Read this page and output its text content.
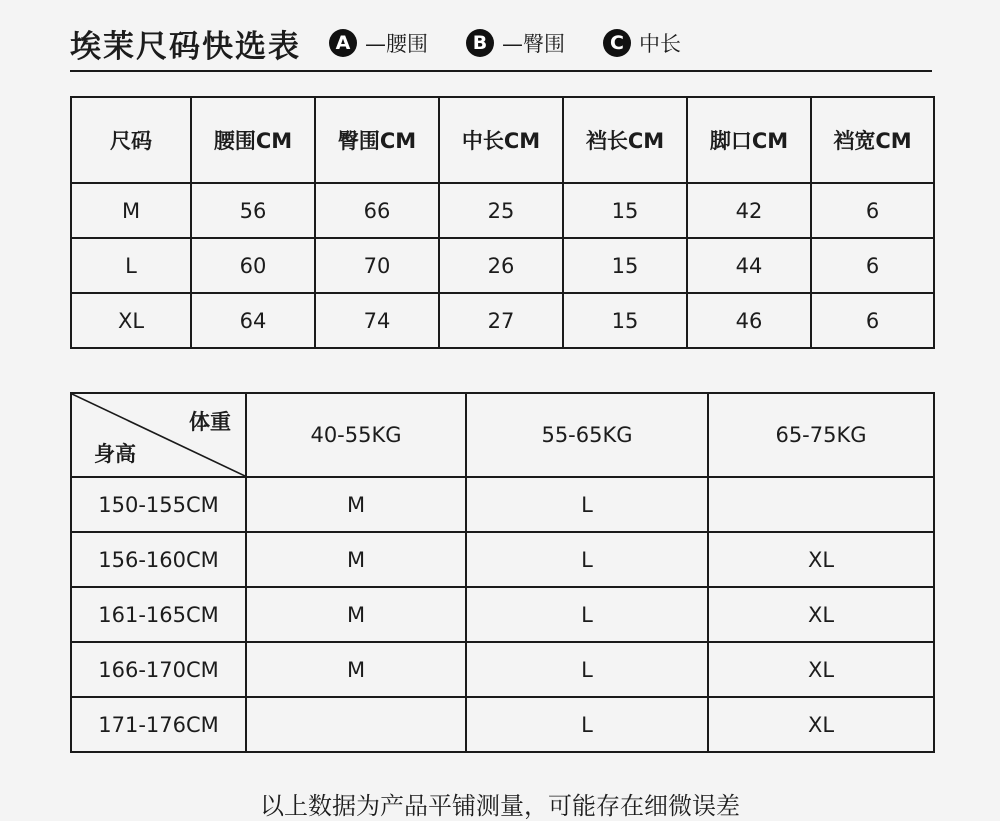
埃茉尺码快选表	A —腰围	B —臀围	C 中长
尺码	腰围CM	臀围CM	中长CM	裆长CM	脚口CM	裆宽CM
M	56	66	25	15	42	6
L	60	70	26	15	44	6
XL	64	74	27	15	46	6
体重
身高	40-55KG	55-65KG	65-75KG
150-155CM	M	L	
156-160CM	M	L	XL
161-165CM	M	L	XL
166-170CM	M	L	XL
171-176CM		L	XL
以上数据为产品平铺测量，可能存在细微误差
